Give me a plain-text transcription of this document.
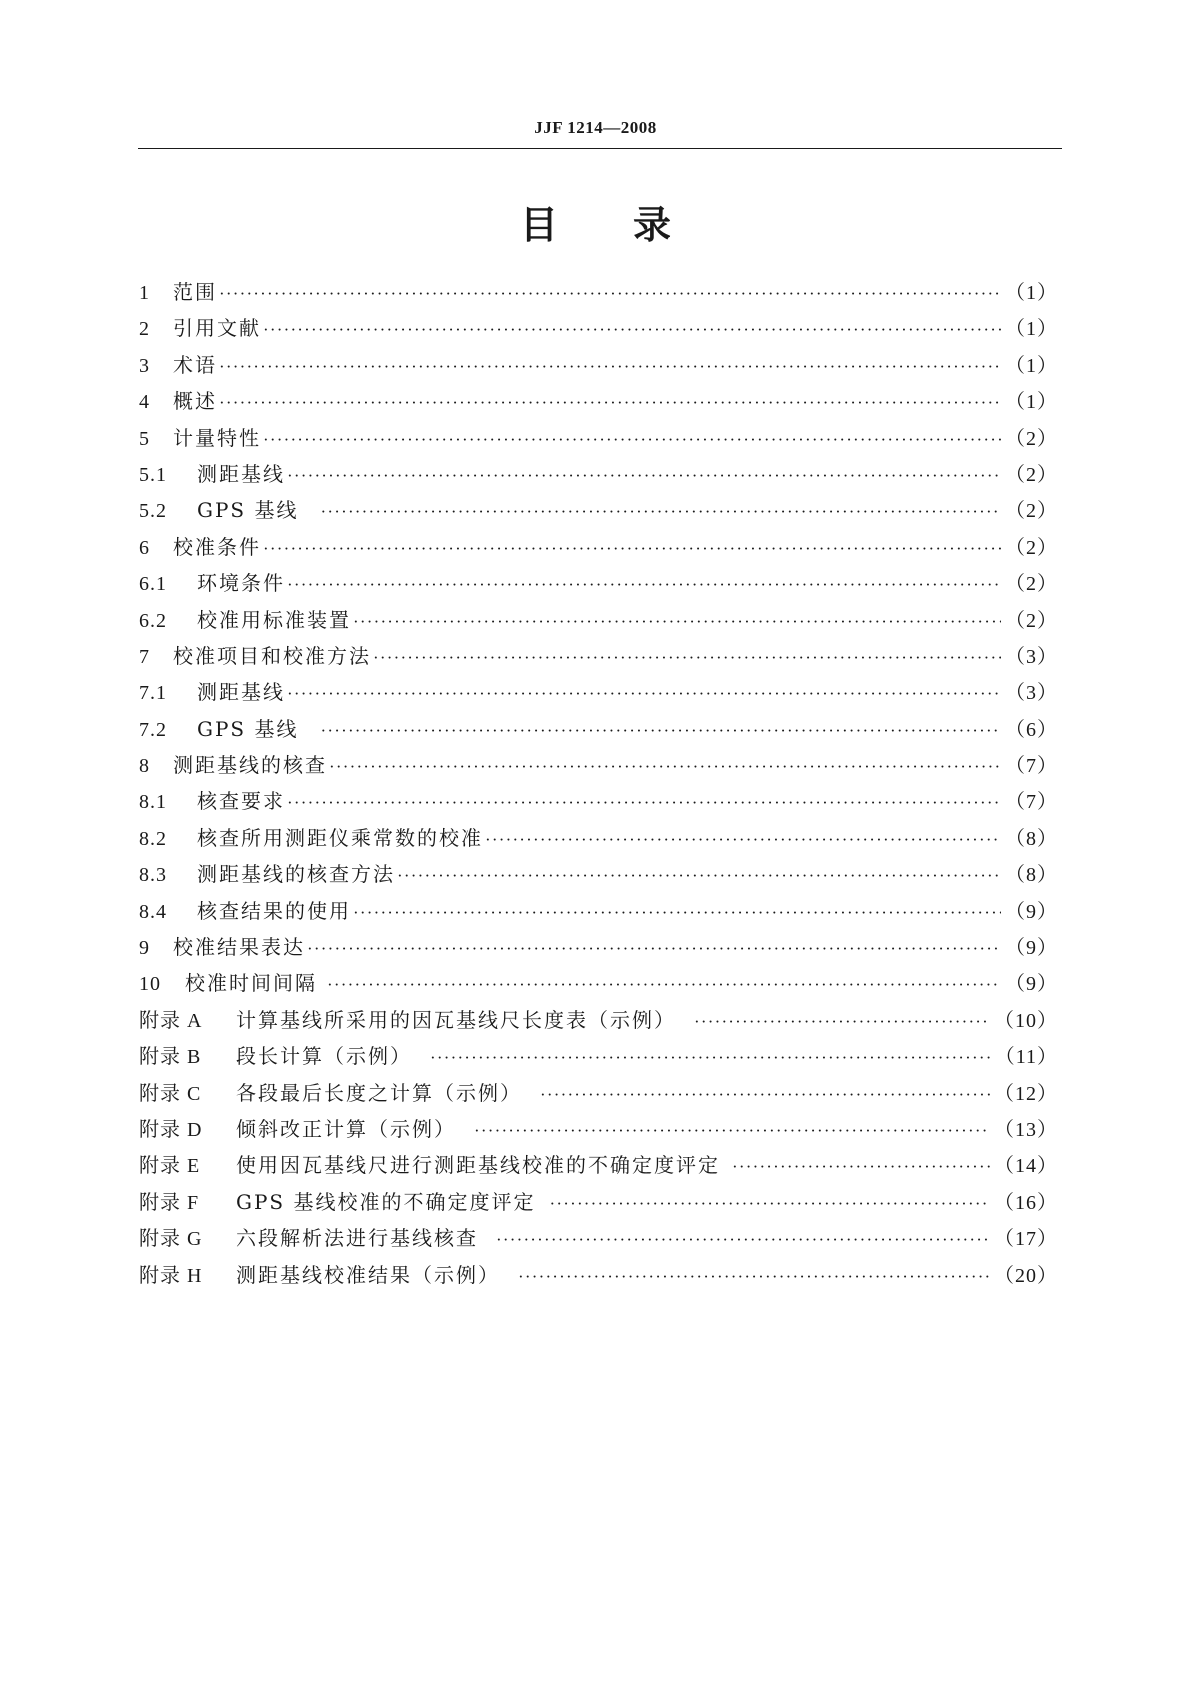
JJF 1214—2008
目录
1	范围 ·····	（1）
2	引用文献 ·····	（1）
3	术语 ·····	（1）
4	概述 ·····	（1）
5	计量特性 ·····	（2）
5.1	测距基线 ·····	（2）
5.2	GPS 基线 ·····	（2）
6	校准条件 ·····	（2）
6.1	环境条件 ·····	（2）
6.2	校准用标准装置 ·····	（2）
7	校准项目和校准方法 ·····	（3）
7.1	测距基线 ·····	（3）
7.2	GPS 基线 ·····	（6）
8	测距基线的核查 ·····	（7）
8.1	核查要求 ·····	（7）
8.2	核查所用测距仪乘常数的校准 ·····	（8）
8.3	测距基线的核查方法 ·····	（8）
8.4	核查结果的使用 ·····	（9）
9	校准结果表达 ·····	（9）
10	校准时间间隔 ·····	（9）
附录 A	计算基线所采用的因瓦基线尺长度表（示例） ·····	（10）
附录 B	段长计算（示例） ·····	（11）
附录 C	各段最后长度之计算（示例） ·····	（12）
附录 D	倾斜改正计算（示例） ·····	（13）
附录 E	使用因瓦基线尺进行测距基线校准的不确定度评定 ·····	（14）
附录 F	GPS 基线校准的不确定度评定 ·····	（16）
附录 G	六段解析法进行基线核查 ·····	（17）
附录 H	测距基线校准结果（示例） ·····	（20）
